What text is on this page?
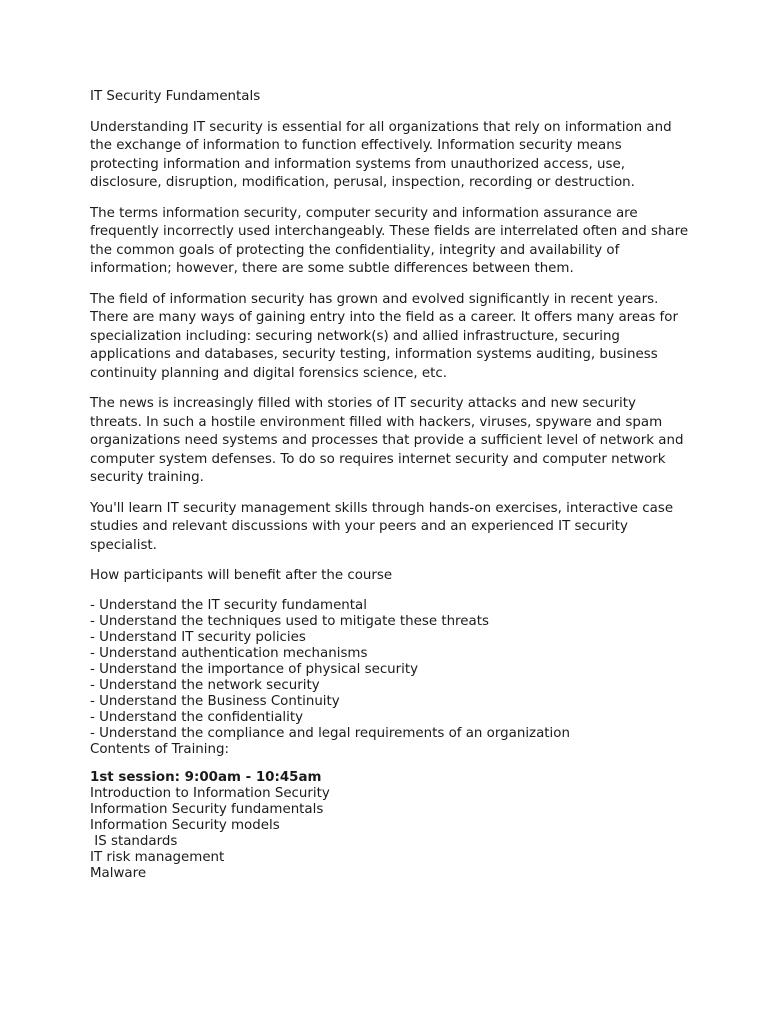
IT Security Fundamentals

Understanding IT security is essential for all organizations that rely on information and the exchange of information to function effectively. Information security means protecting information and information systems from unauthorized access, use, disclosure, disruption, modification, perusal, inspection, recording or destruction.

The terms information security, computer security and information assurance are frequently incorrectly used interchangeably. These fields are interrelated often and share the common goals of protecting the confidentiality, integrity and availability of information; however, there are some subtle differences between them.

The field of information security has grown and evolved significantly in recent years. There are many ways of gaining entry into the field as a career. It offers many areas for specialization including: securing network(s) and allied infrastructure, securing applications and databases, security testing, information systems auditing, business continuity planning and digital forensics science, etc.

The news is increasingly filled with stories of IT security attacks and new security threats. In such a hostile environment filled with hackers, viruses, spyware and spam organizations need systems and processes that provide a sufficient level of network and computer system defenses. To do so requires internet security and computer network security training.

You'll learn IT security management skills through hands-on exercises, interactive case studies and relevant discussions with your peers and an experienced IT security specialist.

How participants will benefit after the course

- Understand the IT security fundamental
- Understand the techniques used to mitigate these threats
- Understand IT security policies
- Understand authentication mechanisms
- Understand the importance of physical security
- Understand the network security
- Understand the Business Continuity
- Understand the confidentiality
- Understand the compliance and legal requirements of an organization
Contents of Training:
1st session: 9:00am - 10:45am
Introduction to Information Security
Information Security fundamentals
Information Security models
IS standards
IT risk management
Malware
